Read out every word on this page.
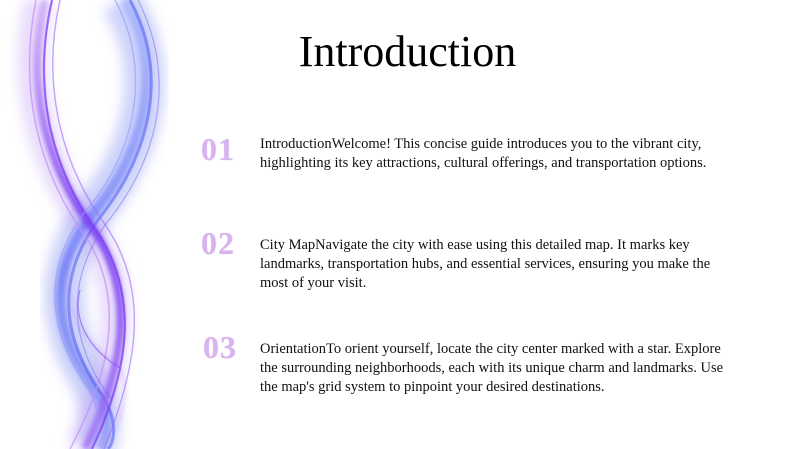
Introduction
01 IntroductionWelcome! This concise guide introduces you to the vibrant city, highlighting its key attractions, cultural offerings, and transportation options.
02 City MapNavigate the city with ease using this detailed map. It marks key landmarks, transportation hubs, and essential services, ensuring you make the most of your visit.
03 OrientationTo orient yourself, locate the city center marked with a star. Explore the surrounding neighborhoods, each with its unique charm and landmarks. Use the map's grid system to pinpoint your desired destinations.
